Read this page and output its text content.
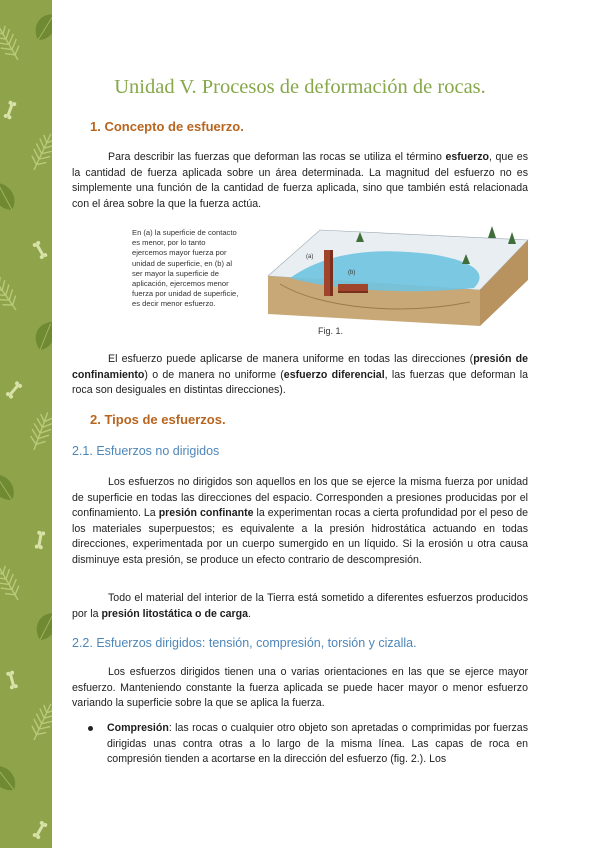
Unidad V. Procesos de deformación de rocas.
1. Concepto de esfuerzo.

Para describir las fuerzas que deforman las rocas se utiliza el término esfuerzo, que es la cantidad de fuerza aplicada sobre un área determinada. La magnitud del esfuerzo no es simplemente una función de la cantidad de fuerza aplicada, sino que también está relacionada con el área sobre la que la fuerza actúa.

En (a) la superficie de contacto es menor, por lo tanto ejercemos mayor fuerza por unidad de superficie, en (b) al ser mayor la superficie de aplicación, ejercemos menor fuerza por unidad de superficie, es decir menor esfuerzo.
(a)
(b)
Fig. 1.

El esfuerzo puede aplicarse de manera uniforme en todas las direcciones (presión de confinamiento) o de manera no uniforme (esfuerzo diferencial, las fuerzas que deforman la roca son desiguales en distintas direcciones).

2. Tipos de esfuerzos.
2.1. Esfuerzos no dirigidos

Los esfuerzos no dirigidos son aquellos en los que se ejerce la misma fuerza por unidad de superficie en todas las direcciones del espacio. Corresponden a presiones producidas por el confinamiento. La presión confinante la experimentan rocas a cierta profundidad por el peso de los materiales superpuestos; es equivalente a la presión hidrostática actuando en todas direcciones, experimentada por un cuerpo sumergido en un líquido. Si la erosión u otra causa disminuye esta presión, se produce un efecto contrario de descompresión.

Todo el material del interior de la Tierra está sometido a diferentes esfuerzos producidos por la presión litostática o de carga.

2.2. Esfuerzos dirigidos: tensión, compresión, torsión y cizalla.

Los esfuerzos dirigidos tienen una o varias orientaciones en las que se ejerce mayor esfuerzo. Manteniendo constante la fuerza aplicada se puede hacer mayor o menor esfuerzo variando la superficie sobre la que se aplica la fuerza.

Compresión: las rocas o cualquier otro objeto son apretadas o comprimidas por fuerzas dirigidas unas contra otras a lo largo de la misma línea. Las capas de roca en compresión tienden a acortarse en la dirección del esfuerzo (fig. 2.). Los
